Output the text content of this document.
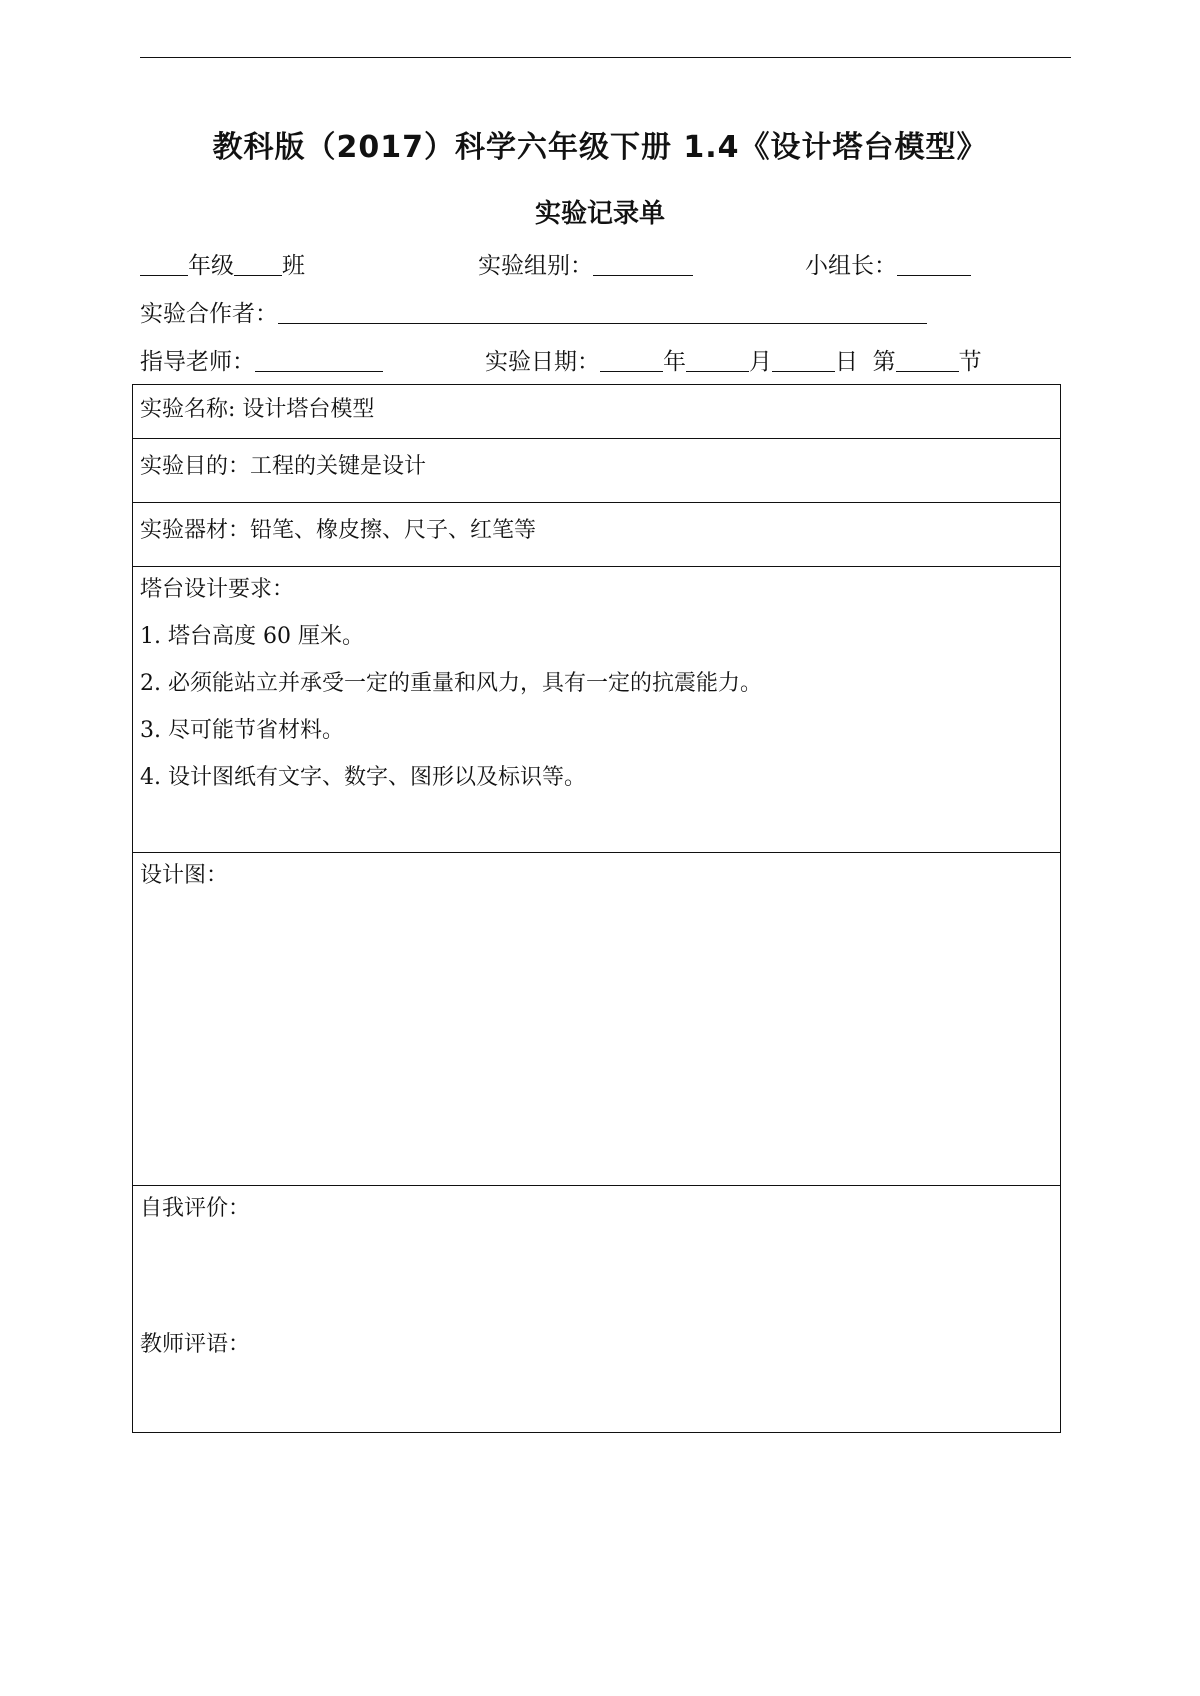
教科版（2017）科学六年级下册 1.4《设计塔台模型》
实验记录单
年级 班	实验组别：	小组长：
实验合作者：
指导老师：	实验日期：	年	月	日 第	节
实验名称: 设计塔台模型
实验目的：工程的关键是设计
实验器材：铅笔、橡皮擦、尺子、红笔等
塔台设计要求：
1. 塔台高度 60 厘米。
2. 必须能站立并承受一定的重量和风力，具有一定的抗震能力。
3. 尽可能节省材料。
4. 设计图纸有文字、数字、图形以及标识等。
设计图：
自我评价：
教师评语：
